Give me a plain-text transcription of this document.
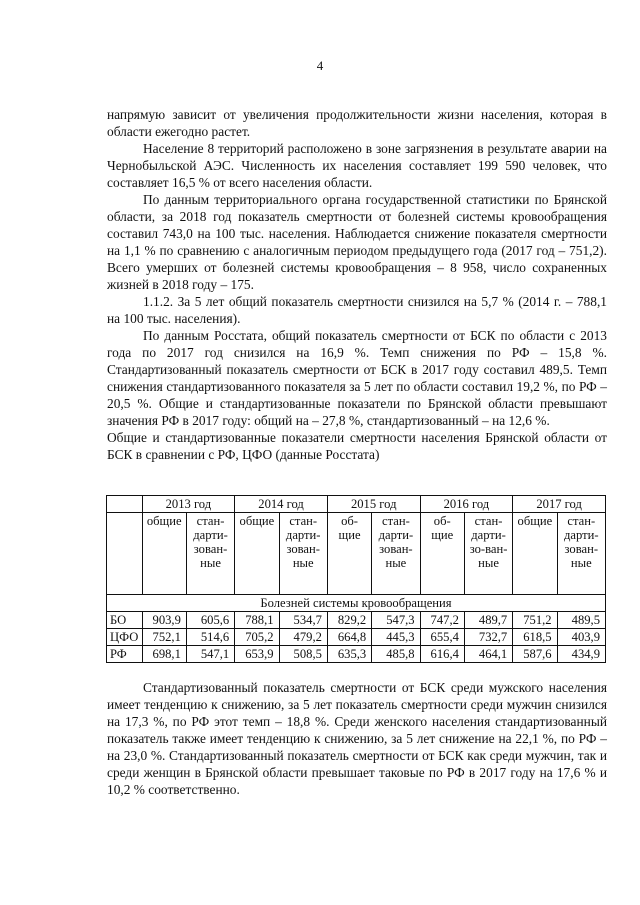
4

напрямую зависит от увеличения продолжительности жизни населения, которая в области ежегодно растет.

Население 8 территорий расположено в зоне загрязнения в результате аварии на Чернобыльской АЭС. Численность их населения составляет 199 590 человек, что составляет 16,5 % от всего населения области.

По данным территориального органа государственной статистики по Брянской области, за 2018 год показатель смертности от болезней системы кровообращения составил 743,0 на 100 тыс. населения. Наблюдается снижение показателя смертности на 1,1 % по сравнению с аналогичным периодом предыдущего года (2017 год – 751,2). Всего умерших от болезней системы кровообращения – 8 958, число сохраненных жизней в 2018 году – 175.

1.1.2. За 5 лет общий показатель смертности снизился на 5,7 % (2014 г. – 788,1 на 100 тыс. населения).

По данным Росстата, общий показатель смертности от БСК по области с 2013 года по 2017 год снизился на 16,9 %. Темп снижения по РФ – 15,8 %. Стандартизованный показатель смертности от БСК в 2017 году составил 489,5. Темп снижения стандартизованного показателя за 5 лет по области составил 19,2 %, по РФ – 20,5 %. Общие и стандартизованные показатели по Брянской области превышают значения РФ в 2017 году: общий на – 27,8 %, стандартизованный – на 12,6 %.

Общие и стандартизованные показатели смертности населения Брянской области от БСК в сравнении с РФ, ЦФО (данные Росстата)

	2013 год		2014 год		2015 год		2016 год		2017 год	
	общие	стан-дарти-зован-ные	общие	стан-дарти-зован-ные	об-щие	стан-дарти-зован-ные	об-щие	стан-дарти-зо-ван-ные	общие	стан-дарти-зован-ные
Болезней системы кровообращения										
БО	903,9	605,6	788,1	534,7	829,2	547,3	747,2	489,7	751,2	489,5
ЦФО	752,1	514,6	705,2	479,2	664,8	445,3	655,4	732,7	618,5	403,9
РФ	698,1	547,1	653,9	508,5	635,3	485,8	616,4	464,1	587,6	434,9

Стандартизованный показатель смертности от БСК среди мужского населения имеет тенденцию к снижению, за 5 лет показатель смертности среди мужчин снизился на 17,3 %, по РФ этот темп – 18,8 %. Среди женского населения стандартизованный показатель также имеет тенденцию к снижению, за 5 лет снижение на 22,1 %, по РФ – на 23,0 %. Стандартизованный показатель смертности от БСК как среди мужчин, так и среди женщин в Брянской области превышает таковые по РФ в 2017 году на 17,6 % и 10,2 % соответственно.
